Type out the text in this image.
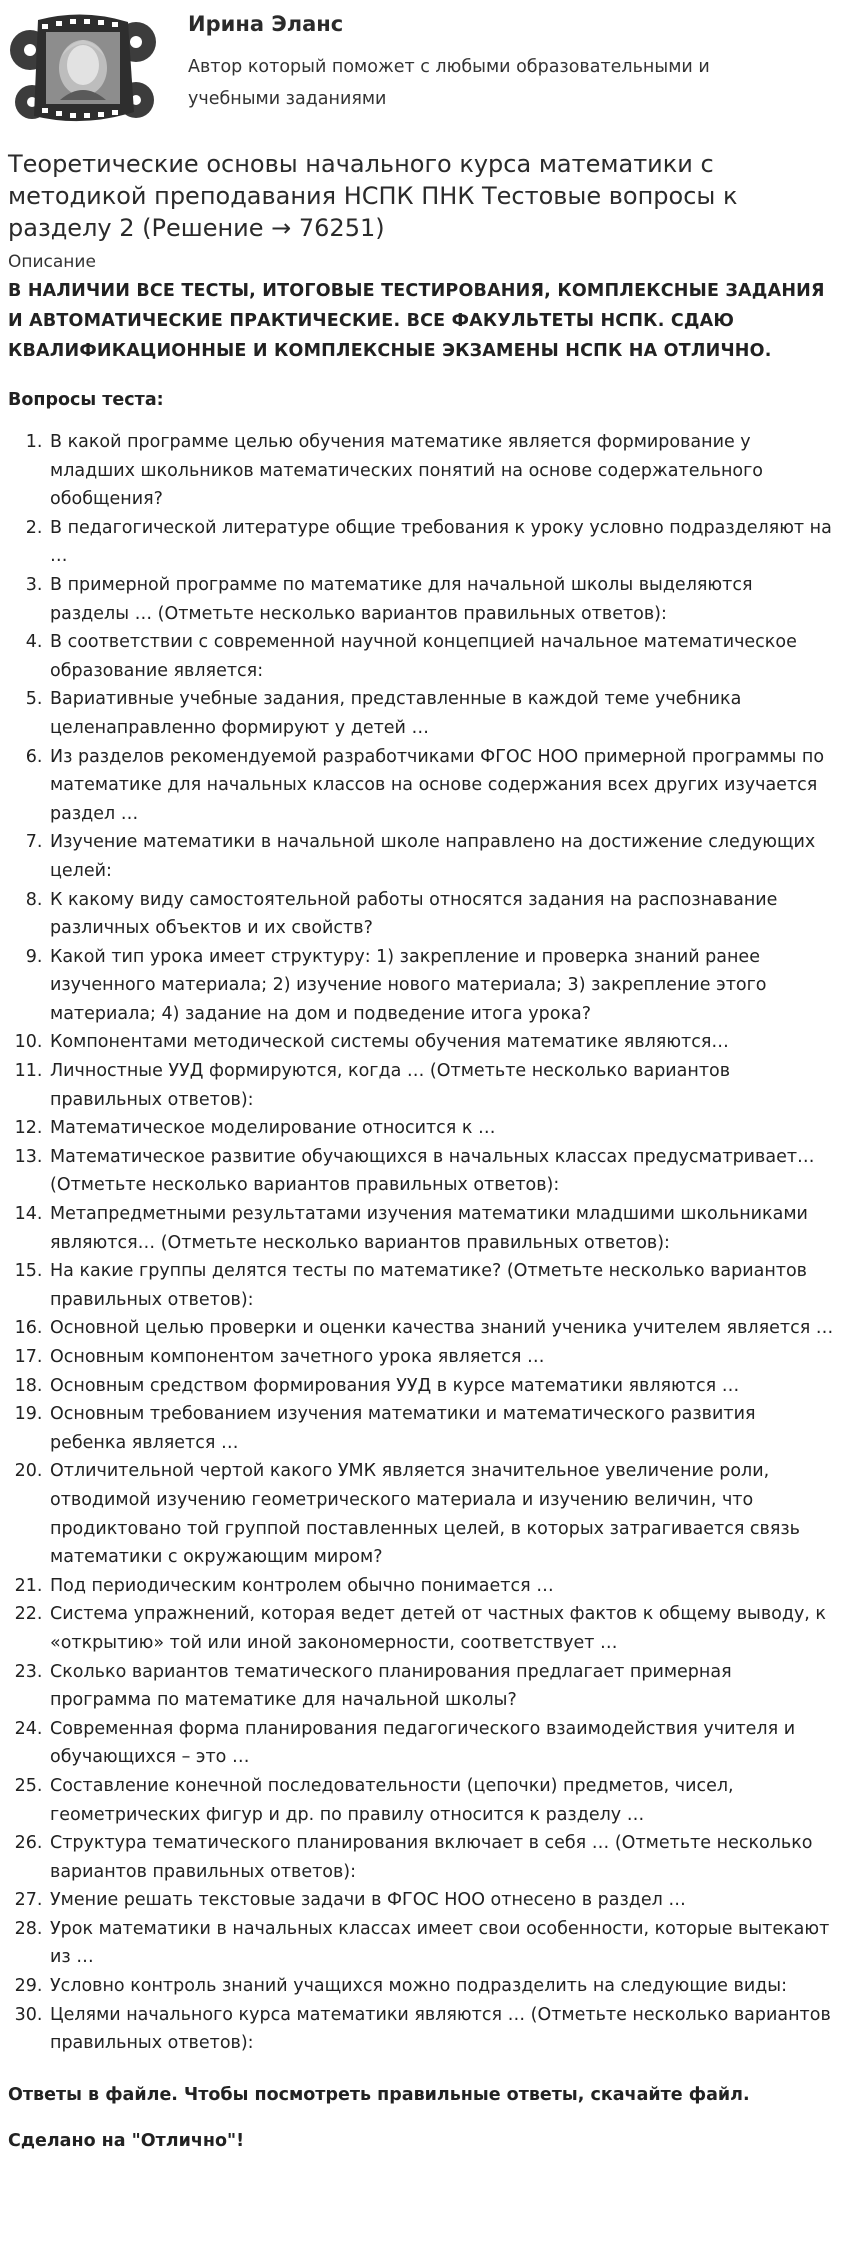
Ирина Эланс
Автор который поможет с любыми образовательными и учебными заданиями
Теоретические основы начального курса математики с методикой преподавания НСПК ПНК Тестовые вопросы к разделу 2 (Решение → 76251)
Описание
В НАЛИЧИИ ВСЕ ТЕСТЫ, ИТОГОВЫЕ ТЕСТИРОВАНИЯ, КОМПЛЕКСНЫЕ ЗАДАНИЯ И АВТОМАТИЧЕСКИЕ ПРАКТИЧЕСКИЕ. ВСЕ ФАКУЛЬТЕТЫ НСПК. СДАЮ КВАЛИФИКАЦИОННЫЕ И КОМПЛЕКСНЫЕ ЭКЗАМЕНЫ НСПК НА ОТЛИЧНО.
Вопросы теста:
1. В какой программе целью обучения математике является формирование у младших школьников математических понятий на основе содержательного обобщения?
2. В педагогической литературе общие требования к уроку условно подразделяют на …
3. В примерной программе по математике для начальной школы выделяются разделы … (Отметьте несколько вариантов правильных ответов):
4. В соответствии с современной научной концепцией начальное математическое образование является:
5. Вариативные учебные задания, представленные в каждой теме учебника целенаправленно формируют у детей …
6. Из разделов рекомендуемой разработчиками ФГОС НОО примерной программы по математике для начальных классов на основе содержания всех других изучается раздел …
7. Изучение математики в начальной школе направлено на достижение следующих целей:
8. К какому виду самостоятельной работы относятся задания на распознавание различных объектов и их свойств?
9. Какой тип урока имеет структуру: 1) закрепление и проверка знаний ранее изученного материала; 2) изучение нового материала; 3) закрепление этого материала; 4) задание на дом и подведение итога урока?
10. Компонентами методической системы обучения математике являются…
11. Личностные УУД формируются, когда … (Отметьте несколько вариантов правильных ответов):
12. Математическое моделирование относится к …
13. Математическое развитие обучающихся в начальных классах предусматривает… (Отметьте несколько вариантов правильных ответов):
14. Метапредметными результатами изучения математики младшими школьниками являются… (Отметьте несколько вариантов правильных ответов):
15. На какие группы делятся тесты по математике? (Отметьте несколько вариантов правильных ответов):
16. Основной целью проверки и оценки качества знаний ученика учителем является …
17. Основным компонентом зачетного урока является …
18. Основным средством формирования УУД в курсе математики являются …
19. Основным требованием изучения математики и математического развития ребенка является …
20. Отличительной чертой какого УМК является значительное увеличение роли, отводимой изучению геометрического материала и изучению величин, что продиктовано той группой поставленных целей, в которых затрагивается связь математики с окружающим миром?
21. Под периодическим контролем обычно понимается …
22. Система упражнений, которая ведет детей от частных фактов к общему выводу, к «открытию» той или иной закономерности, соответствует …
23. Сколько вариантов тематического планирования предлагает примерная программа по математике для начальной школы?
24. Современная форма планирования педагогического взаимодействия учителя и обучающихся – это …
25. Составление конечной последовательности (цепочки) предметов, чисел, геометрических фигур и др. по правилу относится к разделу …
26. Структура тематического планирования включает в себя … (Отметьте несколько вариантов правильных ответов):
27. Умение решать текстовые задачи в ФГОС НОО отнесено в раздел …
28. Урок математики в начальных классах имеет свои особенности, которые вытекают из …
29. Условно контроль знаний учащихся можно подразделить на следующие виды:
30. Целями начального курса математики являются … (Отметьте несколько вариантов правильных ответов):
Ответы в файле. Чтобы посмотреть правильные ответы, скачайте файл.
Сделано на "Отлично"!
